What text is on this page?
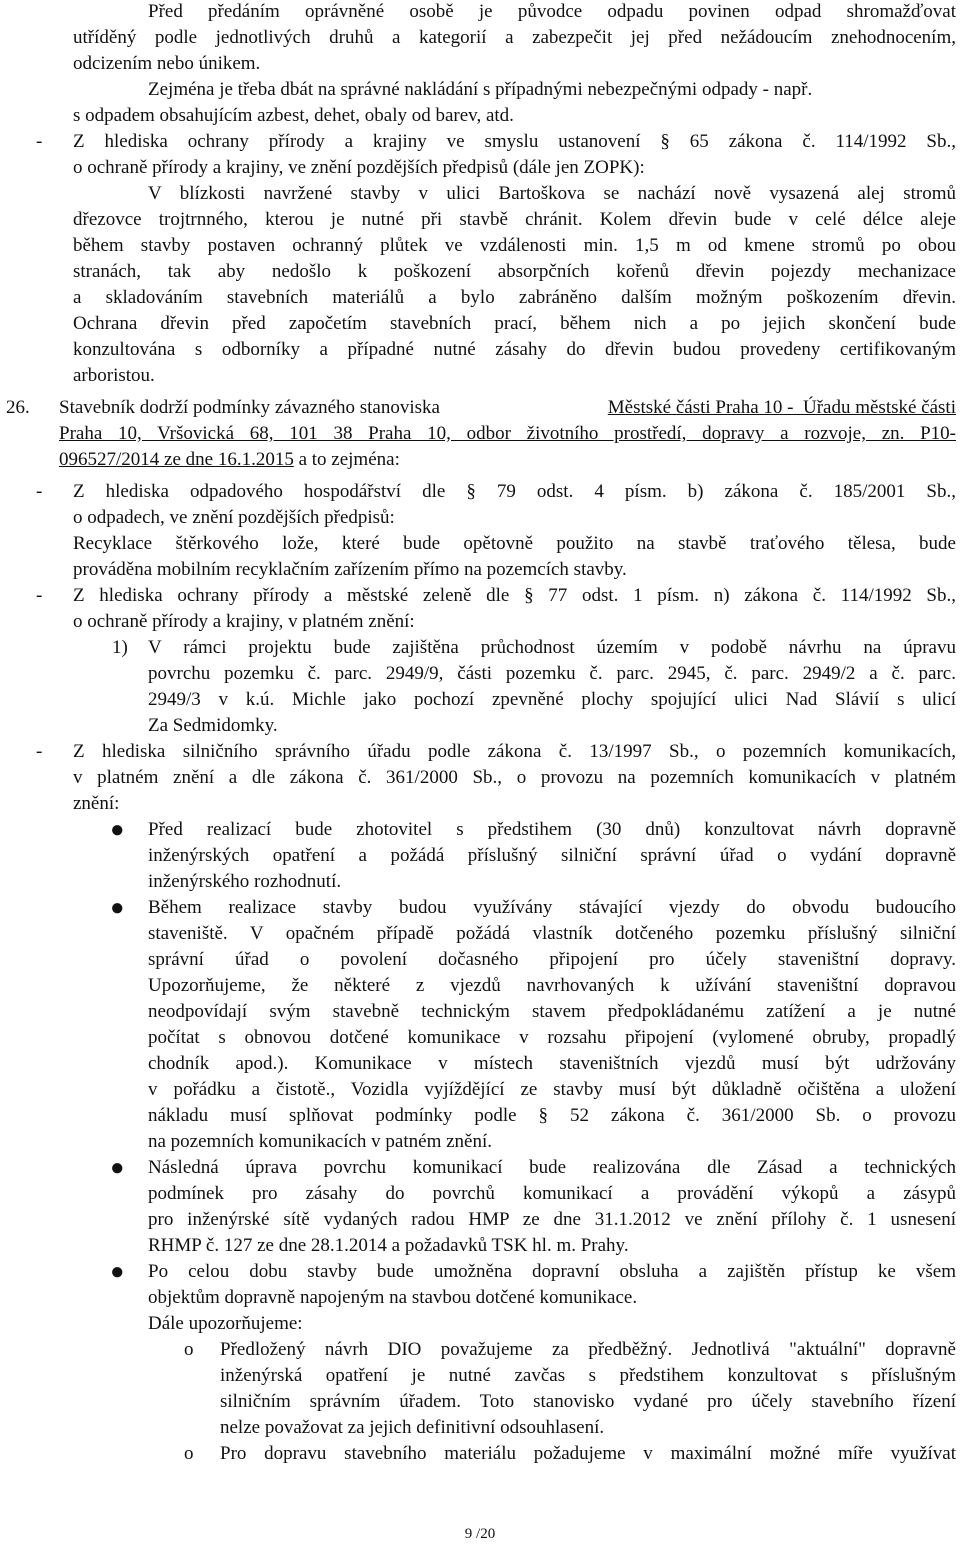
Před předáním oprávněné osobě je původce odpadu povinen odpad shromažďovat
utříděný podle jednotlivých druhů a kategorií a zabezpečit jej před nežádoucím znehodnocením,
odcizením nebo únikem.
Zejména je třeba dbát na správné nakládání s případnými nebezpečnými odpady - např.
s odpadem obsahujícím azbest, dehet, obaly od barev, atd.
- Z hlediska ochrany přírody a krajiny ve smyslu ustanovení § 65 zákona č. 114/1992 Sb.,
o ochraně přírody a krajiny, ve znění pozdějších předpisů (dále jen ZOPK):
V blízkosti navržené stavby v ulici Bartoškova se nachází nově vysazená alej stromů
dřezovce trojtrnného, kterou je nutné při stavbě chránit. Kolem dřevin bude v celé délce aleje
během stavby postaven ochranný plůtek ve vzdálenosti min. 1,5 m od kmene stromů po obou
stranách, tak aby nedošlo k poškození absorpčních kořenů dřevin pojezdy mechanizace
a skladováním stavebních materiálů a bylo zabráněno dalším možným poškozením dřevin.
Ochrana dřevin před započetím stavebních prací, během nich a po jejich skončení bude
konzultována s odborníky a případné nutné zásahy do dřevin budou provedeny certifikovaným
arboristou.
26. Stavebník dodrží podmínky závazného stanoviska	Městské části Praha 10 -  Úřadu městské části
Praha 10, Vršovická 68, 101 38 Praha 10, odbor životního prostředí, dopravy a rozvoje, zn. P10-
096527/2014 ze dne 16.1.2015 a to zejména:
- Z hlediska odpadového hospodářství dle § 79 odst. 4 písm. b) zákona č. 185/2001 Sb.,
o odpadech, ve znění pozdějších předpisů:
Recyklace štěrkového lože, které bude opětovně použito na stavbě traťového tělesa, bude
prováděna mobilním recyklačním zařízením přímo na pozemcích stavby.
- Z hlediska ochrany přírody a městské zeleně dle § 77 odst. 1 písm. n) zákona č. 114/1992 Sb.,
o ochraně přírody a krajiny, v platném znění:
1) V rámci projektu bude zajištěna průchodnost územím v podobě návrhu na úpravu
povrchu pozemku č. parc. 2949/9, části pozemku č. parc. 2945, č. parc. 2949/2 a č. parc.
2949/3 v k.ú. Michle jako pochozí zpevněné plochy spojující ulici Nad Slávií s ulicí
Za Sedmidomky.
- Z hlediska silničního správního úřadu podle zákona č. 13/1997 Sb., o pozemních komunikacích,
v platném znění a dle zákona č. 361/2000 Sb., o provozu na pozemních komunikacích v platném
znění:
● Před realizací bude zhotovitel s předstihem (30 dnů) konzultovat návrh dopravně
inženýrských opatření a požádá příslušný silniční správní úřad o vydání dopravně
inženýrského rozhodnutí.
● Během realizace stavby budou využívány stávající vjezdy do obvodu budoucího
staveniště. V opačném případě požádá vlastník dotčeného pozemku příslušný silniční
správní úřad o povolení dočasného připojení pro účely staveništní dopravy.
Upozorňujeme, že některé z vjezdů navrhovaných k užívání staveništní dopravou
neodpovídají svým stavebně technickým stavem předpokládanému zatížení a je nutné
počítat s obnovou dotčené komunikace v rozsahu připojení (vylomené obruby, propadlý
chodník apod.). Komunikace v místech staveništních vjezdů musí být udržovány
v pořádku a čistotě., Vozidla vyjíždějící ze stavby musí být důkladně očištěna a uložení
nákladu musí splňovat podmínky podle § 52 zákona č. 361/2000 Sb. o provozu
na pozemních komunikacích v patném znění.
● Následná úprava povrchu komunikací bude realizována dle Zásad a technických
podmínek pro zásahy do povrchů komunikací a provádění výkopů a zásypů
pro inženýrské sítě vydaných radou HMP ze dne 31.1.2012 ve znění přílohy č. 1 usnesení
RHMP č. 127 ze dne 28.1.2014 a požadavků TSK hl. m. Prahy.
● Po celou dobu stavby bude umožněna dopravní obsluha a zajištěn přístup ke všem
objektům dopravně napojeným na stavbou dotčené komunikace.
Dále upozorňujeme:
o Předložený návrh DIO považujeme za předběžný. Jednotlivá "aktuální" dopravně
inženýrská opatření je nutné zavčas s předstihem konzultovat s příslušným
silničním správním úřadem. Toto stanovisko vydané pro účely stavebního řízení
nelze považovat za jejich definitivní odsouhlasení.
o Pro dopravu stavebního materiálu požadujeme v maximální možné míře využívat
9 /20
